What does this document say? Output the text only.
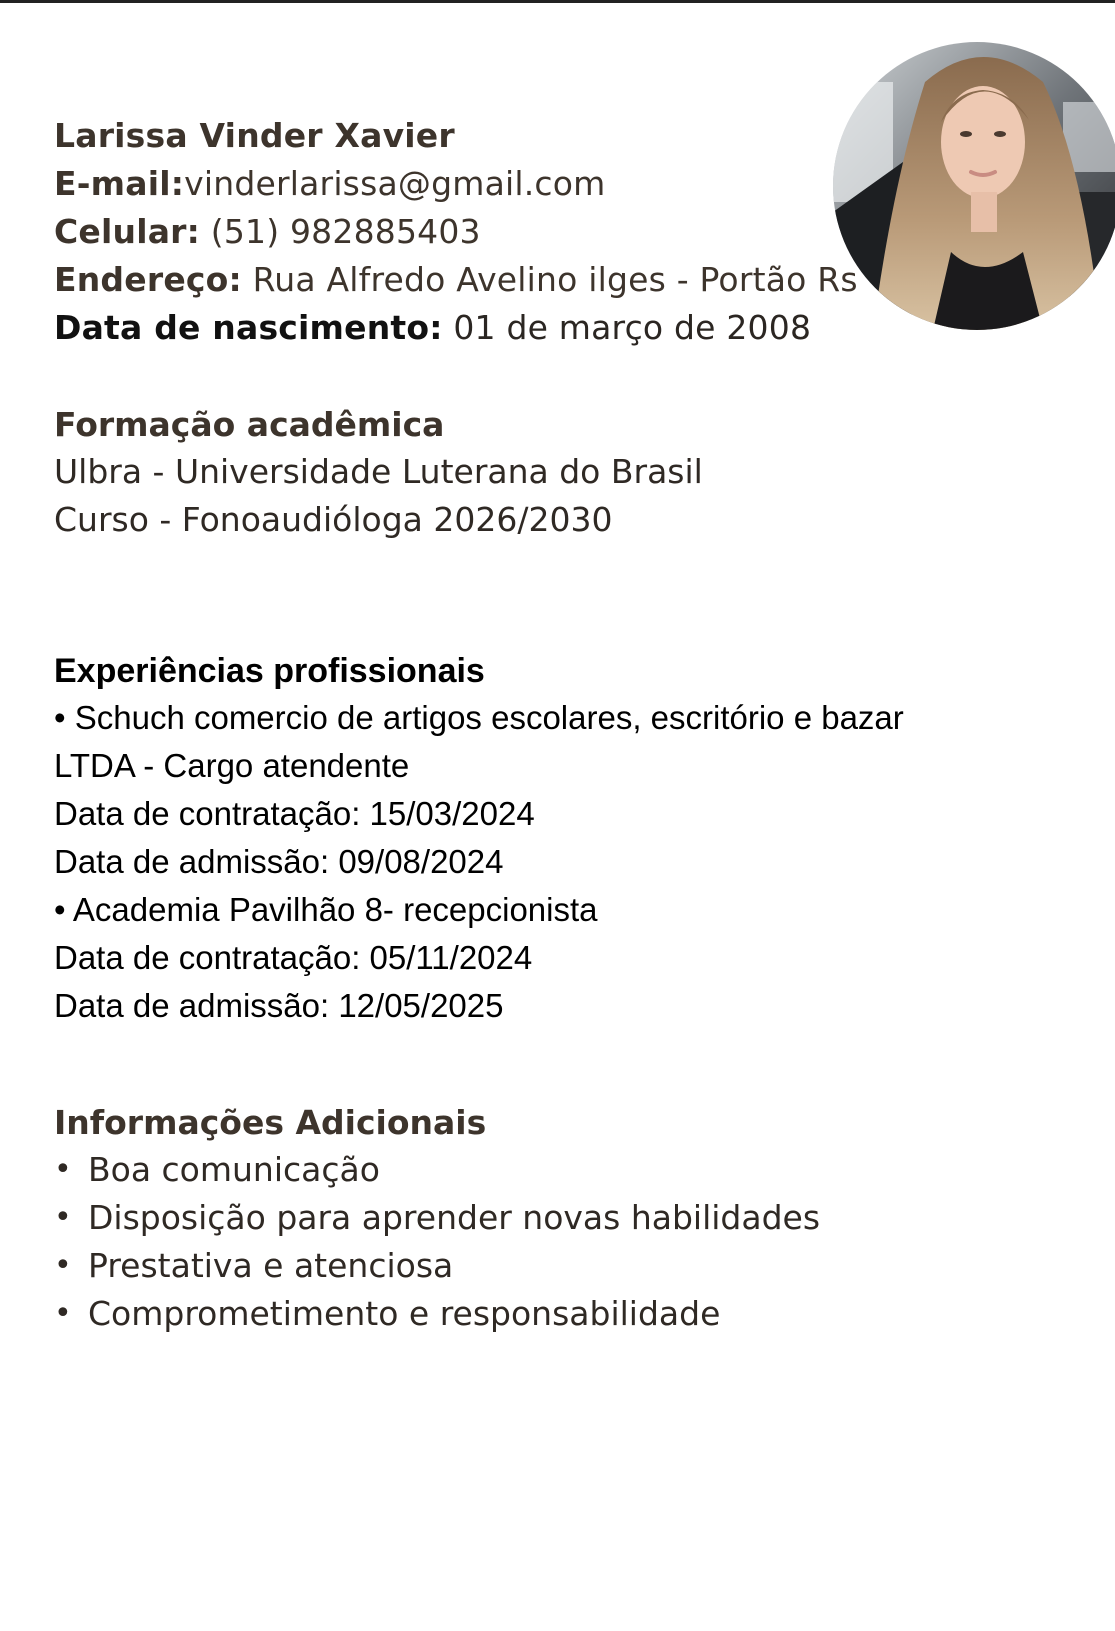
Larissa Vinder Xavier
E-mail:vinderlarissa@gmail.com
Celular: (51) 982885403
Endereço: Rua Alfredo Avelino ilges - Portão Rs
Data de nascimento: 01 de março de 2008
Formação acadêmica
Ulbra - Universidade Luterana do Brasil
Curso - Fonoaudióloga 2026/2030
Experiências profissionais
• Schuch comercio de artigos escolares, escritório e bazar
LTDA - Cargo atendente
Data de contratação: 15/03/2024
Data de admissão: 09/08/2024
• Academia Pavilhão 8- recepcionista
Data de contratação: 05/11/2024
Data de admissão: 12/05/2025
Informações Adicionais
• Boa comunicação
• Disposição para aprender novas habilidades
• Prestativa e atenciosa
• Comprometimento e responsabilidade
